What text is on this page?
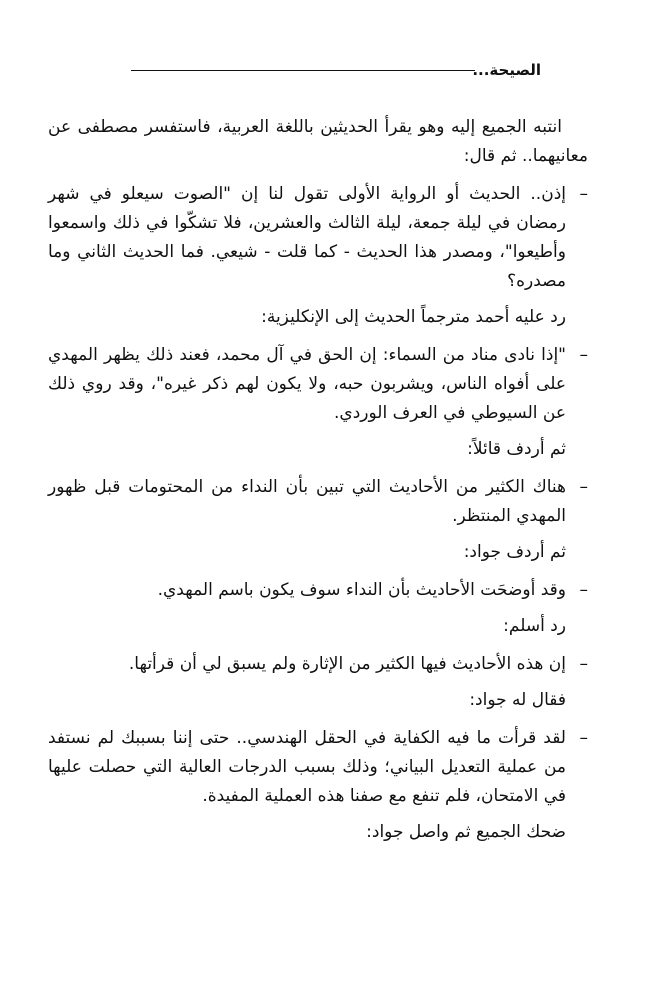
الصيحة...

انتبه الجميع إليه وهو يقرأ الحديثين باللغة العربية، فاستفسر مصطفى عن معانيهما.. ثم قال:

– إذن.. الحديث أو الرواية الأولى تقول لنا إن "الصوت سيعلو في شهر رمضان في ليلة جمعة، ليلة الثالث والعشرين، فلا تشكّوا في ذلك واسمعوا وأطيعوا"، ومصدر هذا الحديث - كما قلت - شيعي. فما الحديث الثاني وما مصدره؟

رد عليه أحمد مترجماً الحديث إلى الإنكليزية:

– "إذا نادى مناد من السماء: إن الحق في آل محمد، فعند ذلك يظهر المهدي على أفواه الناس، ويشربون حبه، ولا يكون لهم ذكر غيره"، وقد روي ذلك عن السيوطي في العرف الوردي.

ثم أردف قائلاً:

– هناك الكثير من الأحاديث التي تبين بأن النداء من المحتومات قبل ظهور المهدي المنتظر.

ثم أردف جواد:

– وقد أوضحَت الأحاديث بأن النداء سوف يكون باسم المهدي.

رد أسلم:

– إن هذه الأحاديث فيها الكثير من الإثارة ولم يسبق لي أن قرأتها.

فقال له جواد:

– لقد قرأت ما فيه الكفاية في الحقل الهندسي.. حتى إننا بسببك لم نستفد من عملية التعديل البياني؛ وذلك بسبب الدرجات العالية التي حصلت عليها في الامتحان، فلم تنفع مع صفنا هذه العملية المفيدة.

ضحك الجميع ثم واصل جواد:
